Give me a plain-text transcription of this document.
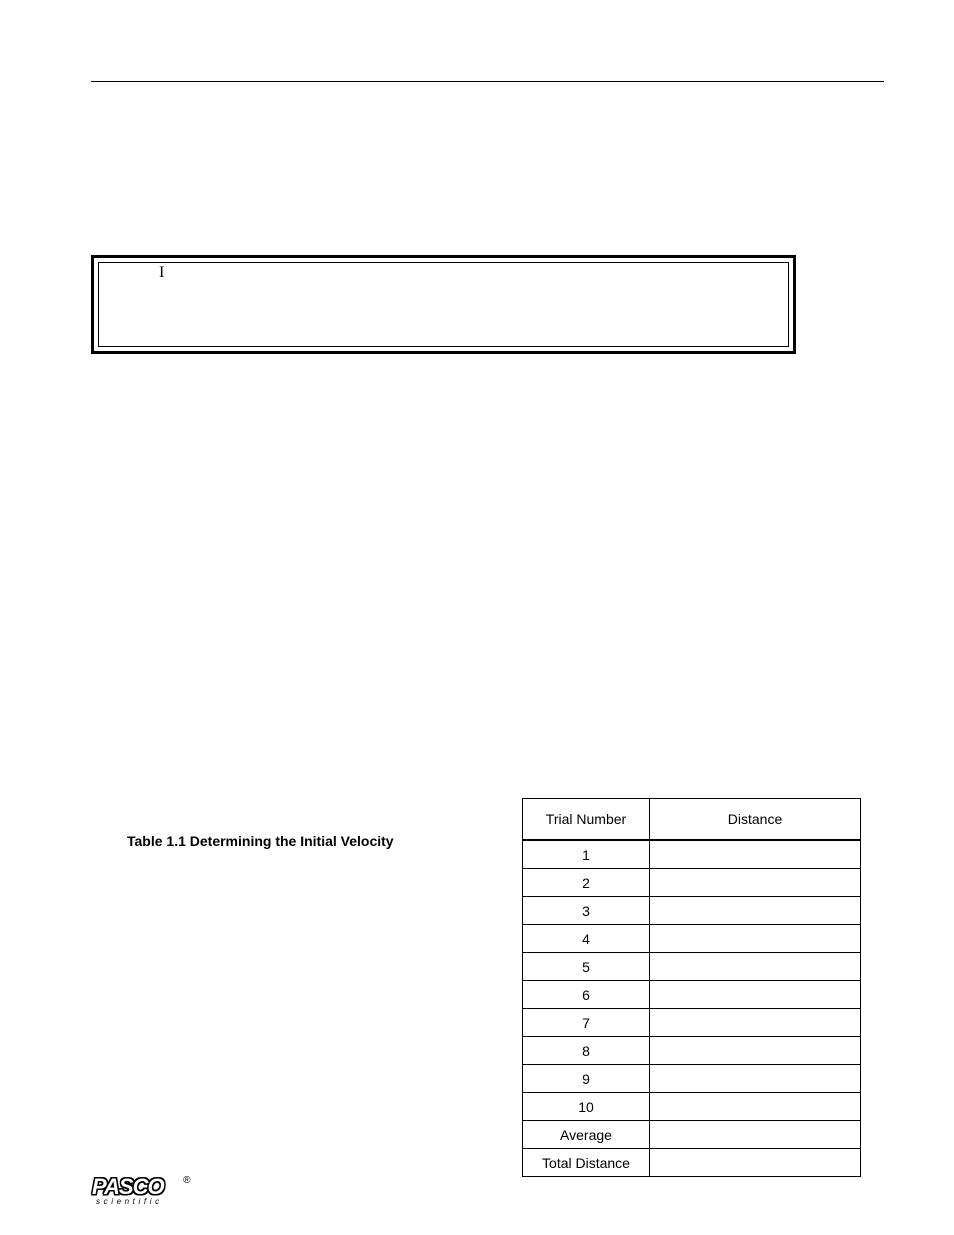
I
Table 1.1 Determining the Initial Velocity
Trial Number	Distance
1	
2	
3	
4	
5	
6	
7	
8	
9	
10	
Average	
Total Distance	
PASCO ®
scientific
